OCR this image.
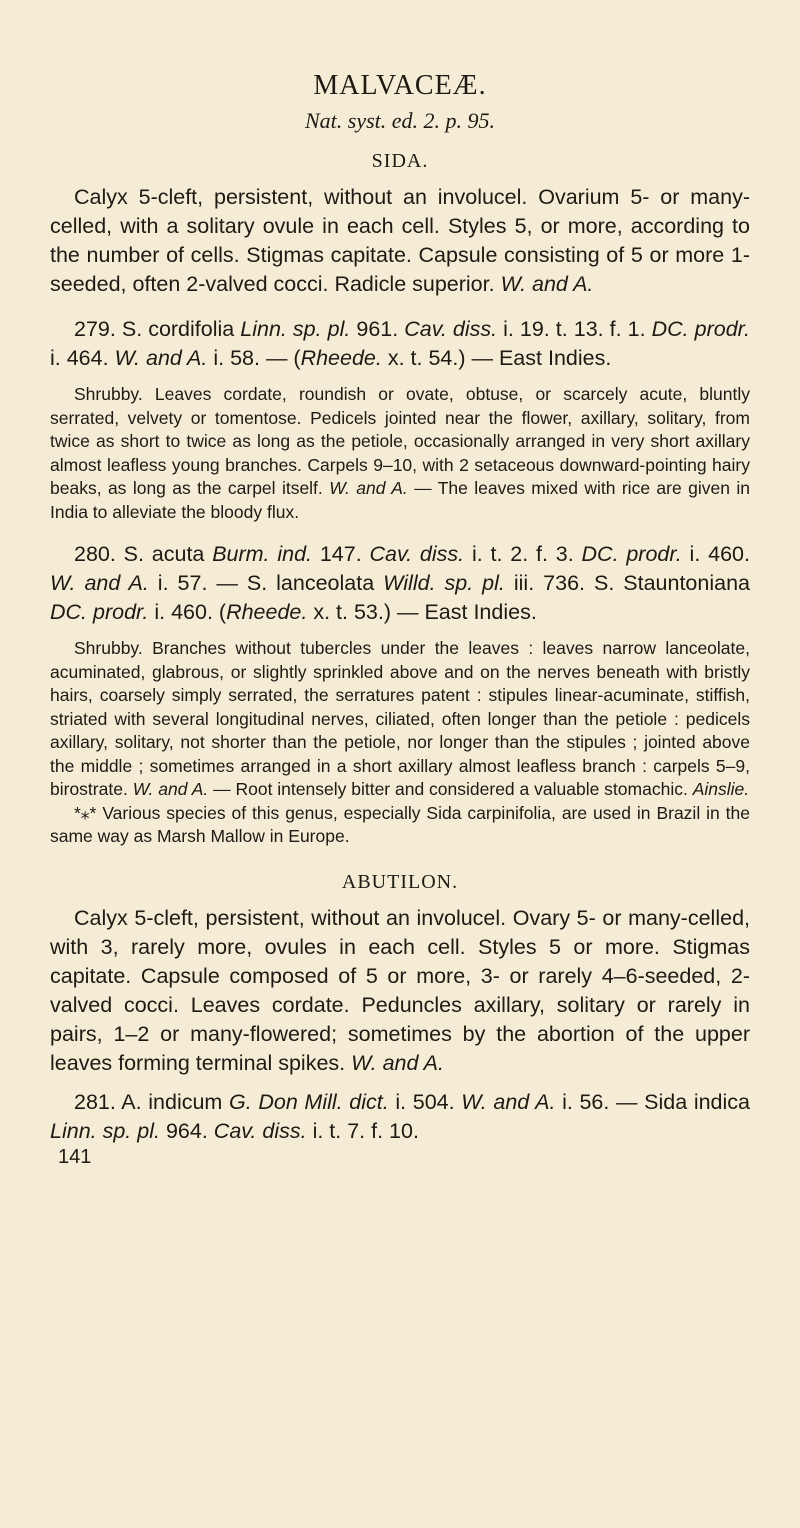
MALVACEÆ.
Nat. syst. ed. 2. p. 95.
SIDA.

Calyx 5-cleft, persistent, without an involucel. Ovarium 5- or many-celled, with a solitary ovule in each cell. Styles 5, or more, according to the number of cells. Stigmas capitate. Capsule consisting of 5 or more 1-seeded, often 2-valved cocci. Radicle superior. W. and A.

279. S. cordifolia Linn. sp. pl. 961. Cav. diss. i. 19. t. 13. f. 1. DC. prodr. i. 464. W. and A. i. 58. — (Rheede. x. t. 54.) — East Indies.

Shrubby. Leaves cordate, roundish or ovate, obtuse, or scarcely acute, bluntly serrated, velvety or tomentose. Pedicels jointed near the flower, axillary, solitary, from twice as short to twice as long as the petiole, occasionally arranged in very short axillary almost leafless young branches. Carpels 9–10, with 2 setaceous downward-pointing hairy beaks, as long as the carpel itself. W. and A. — The leaves mixed with rice are given in India to alleviate the bloody flux.

280. S. acuta Burm. ind. 147. Cav. diss. i. t. 2. f. 3. DC. prodr. i. 460. W. and A. i. 57. — S. lanceolata Willd. sp. pl. iii. 736. S. Stauntoniana DC. prodr. i. 460. (Rheede. x. t. 53.) — East Indies.

Shrubby. Branches without tubercles under the leaves : leaves narrow lanceolate, acuminated, glabrous, or slightly sprinkled above and on the nerves beneath with bristly hairs, coarsely simply serrated, the serratures patent : stipules linear-acuminate, stiffish, striated with several longitudinal nerves, ciliated, often longer than the petiole : pedicels axillary, solitary, not shorter than the petiole, nor longer than the stipules ; jointed above the middle ; sometimes arranged in a short axillary almost leafless branch : carpels 5–9, birostrate. W. and A. — Root intensely bitter and considered a valuable stomachic. Ainslie.

*⁎* Various species of this genus, especially Sida carpinifolia, are used in Brazil in the same way as Marsh Mallow in Europe.

ABUTILON.

Calyx 5-cleft, persistent, without an involucel. Ovary 5- or many-celled, with 3, rarely more, ovules in each cell. Styles 5 or more. Stigmas capitate. Capsule composed of 5 or more, 3- or rarely 4–6-seeded, 2-valved cocci. Leaves cordate. Peduncles axillary, solitary or rarely in pairs, 1–2 or many-flowered; sometimes by the abortion of the upper leaves forming terminal spikes. W. and A.

281. A. indicum G. Don Mill. dict. i. 504. W. and A. i. 56. — Sida indica Linn. sp. pl. 964. Cav. diss. i. t. 7. f. 10.

141
